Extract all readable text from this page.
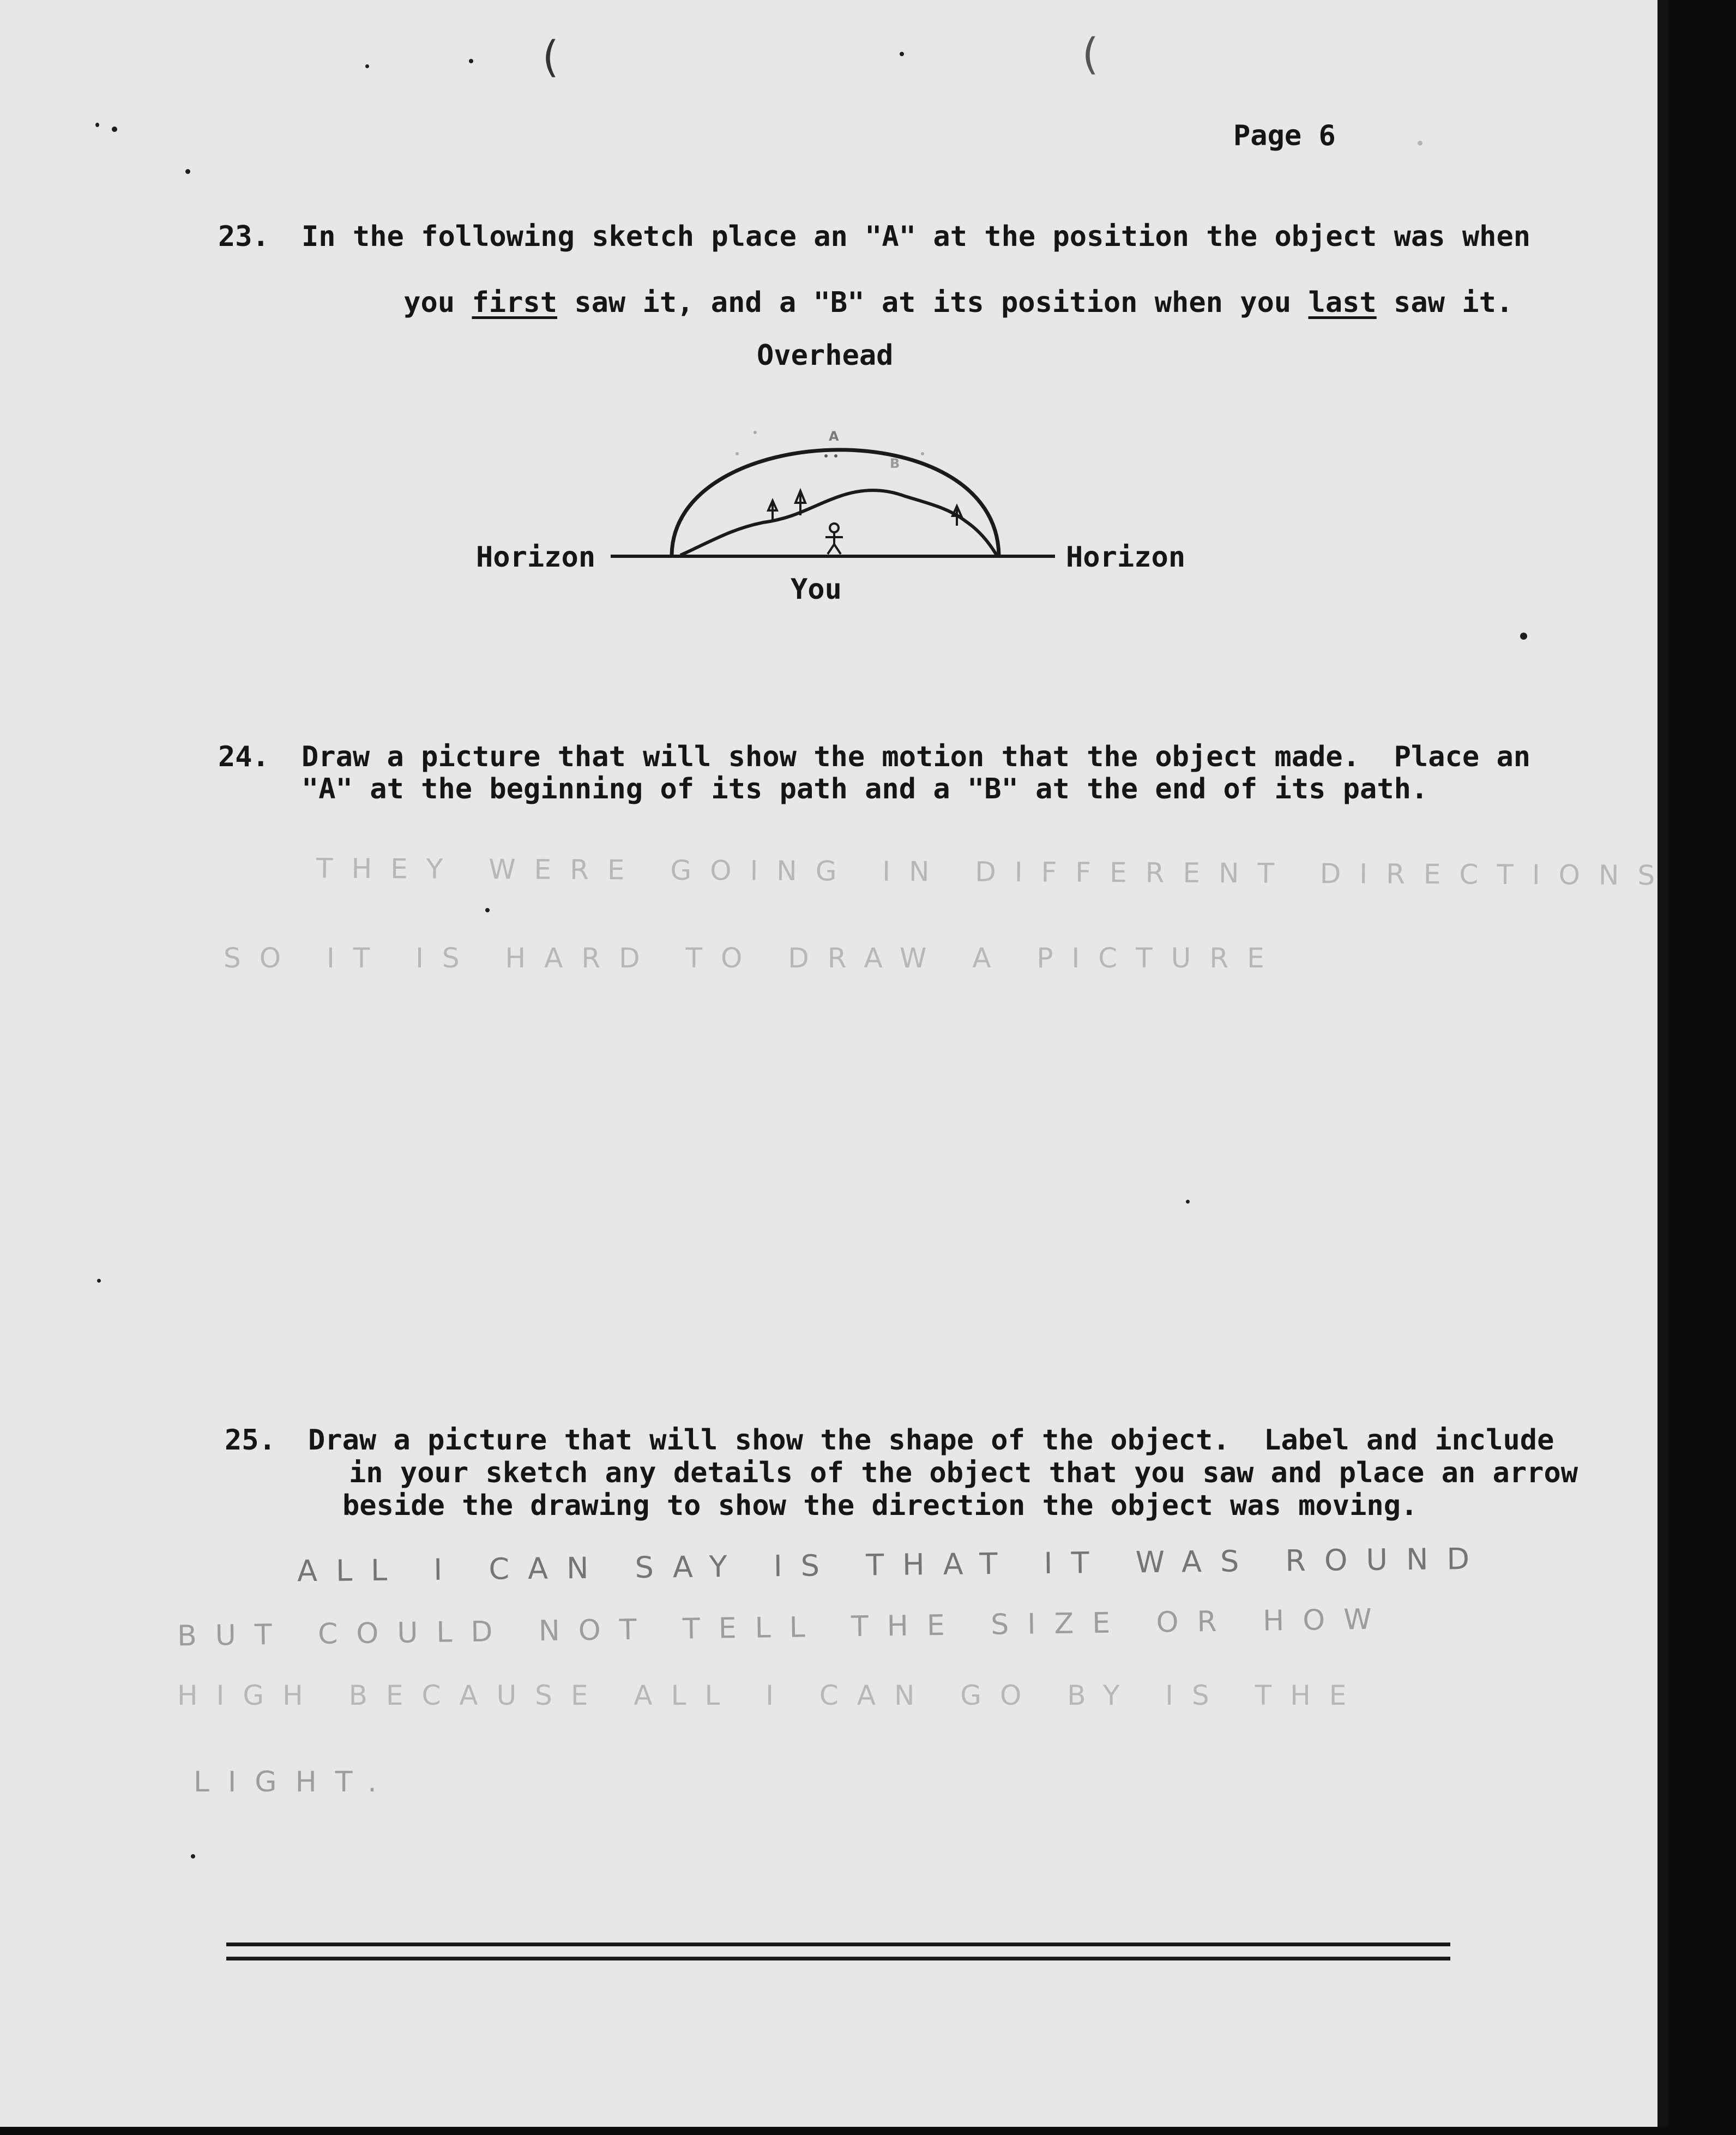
(	(
Page 6
23. In the following sketch place an "A" at the position the object was when

you first saw it, and a "B" at its position when you last saw it.

Overhead
Horizon	Horizon
You
A
B
24. Draw a picture that will show the motion that the object made.  Place an
"A" at the beginning of its path and a "B" at the end of its path.
THEY WERE GOING IN DIFFERENT DIRECTIONS
SO IT IS HARD TO DRAW A PICTURE
25. Draw a picture that will show the shape of the object.  Label and include
in your sketch any details of the object that you saw and place an arrow
beside the drawing to show the direction the object was moving.
ALL I CAN SAY IS THAT IT WAS ROUND
BUT COULD NOT TELL THE SIZE OR HOW
HIGH BECAUSE ALL I CAN GO BY IS THE
LIGHT.
